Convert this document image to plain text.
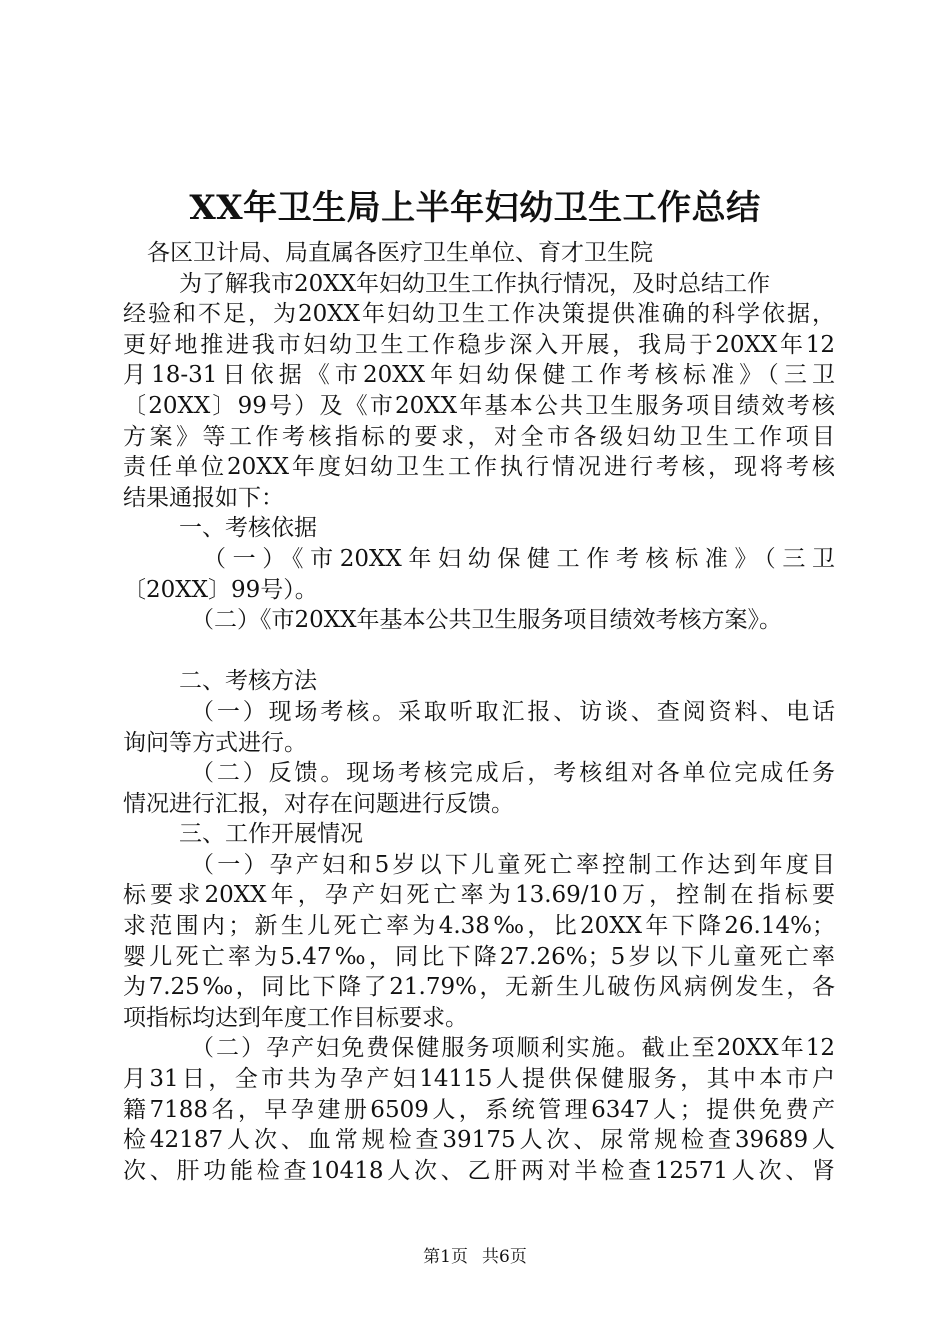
XX年卫生局上半年妇幼卫生工作总结
各区卫计局、局直属各医疗卫生单位、育才卫生院
为了解我市20XX年妇幼卫生工作执行情况，及时总结工作
经验和不足，为20XX年妇幼卫生工作决策提供准确的科学依据，
更好地推进我市妇幼卫生工作稳步深入开展，我局于20XX年12
月18-31日依据《市20XX年妇幼保健工作考核标准》（三卫
〔20XX〕99号）及《市20XX年基本公共卫生服务项目绩效考核
方案》等工作考核指标的要求，对全市各级妇幼卫生工作项目
责任单位20XX年度妇幼卫生工作执行情况进行考核，现将考核
结果通报如下：
一、考核依据
（一）《市20XX年妇幼保健工作考核标准》（三卫
〔20XX〕99号）。
（二）《市20XX年基本公共卫生服务项目绩效考核方案》。
二、考核方法
（一）现场考核。采取听取汇报、访谈、查阅资料、电话
询问等方式进行。
（二）反馈。现场考核完成后，考核组对各单位完成任务
情况进行汇报，对存在问题进行反馈。
三、工作开展情况
（一）孕产妇和5岁以下儿童死亡率控制工作达到年度目
标要求20XX年，孕产妇死亡率为13.69/10万，控制在指标要
求范围内；新生儿死亡率为4.38‰，比20XX年下降26.14%；
婴儿死亡率为5.47‰，同比下降27.26%；5岁以下儿童死亡率
为7.25‰，同比下降了21.79%，无新生儿破伤风病例发生，各
项指标均达到年度工作目标要求。
（二）孕产妇免费保健服务项顺利实施。截止至20XX年12
月31日，全市共为孕产妇14115人提供保健服务，其中本市户
籍7188名，早孕建册6509人，系统管理6347人；提供免费产
检42187人次、血常规检查39175人次、尿常规检查39689人
次、肝功能检查10418人次、乙肝两对半检查12571人次、肾
第1页 共6页
